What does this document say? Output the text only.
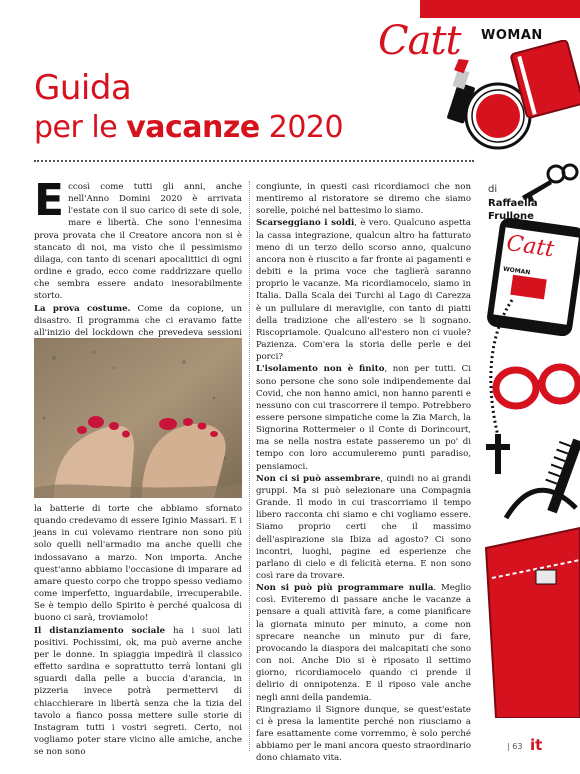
Catt WOMAN
Catt WOMAN
Guida
per le vacanze 2020
di
Raffaella Frullone

Eccosì come tutti gli anni, anche nell'Anno Domini 2020 è arrivata l'estate con il suo carico di sete di sole, mare e libertà. Che sono l'ennesima prova provata che il Creatore ancora non si è stancato di noi, ma visto che il pessimismo dilaga, con tanto di scenari apocalittici di ogni ordine e grado, ecco come raddrizzare quello che sembra essere andato inesorabilmente storto.

La prova costume. Come da copione, un disastro. Il programma che ci eravamo fatte all'inizio del lockdown che prevedeva sessioni

la batterie di torte che abbiamo sfornato quando credevamo di essere Iginio Massari. E i jeans in cui volevamo rientrare non sono più solo quelli nell'armadio ma anche quelli che indossavano a marzo. Non importa. Anche quest'anno abbiamo l'occasione di imparare ad amare questo corpo che troppo spesso vediamo come imperfetto, inguardabile, irrecuperabile. Se è tempio dello Spirito è perché qualcosa di buono ci sarà, troviamolo!

Il distanziamento sociale ha i suoi lati positivi. Pochissimi, ok, ma può averne anche per le donne. In spiaggia impedirà il classico effetto sardina e soprattutto terrà lontani gli sguardi dalla pelle a buccia d'arancia, in pizzeria invece potrà permettervi di chiacchierare in libertà senza che la tizia del tavolo a fianco possa mettere sulle storie di Instagram tutti i vostri segreti. Certo, noi vogliamo poter stare vicino alle amiche, anche se non sono

congiunte, in questi casi ricordiamoci che non mentiremo al ristoratore se diremo che siamo sorelle, poiché nel battesimo lo siamo.

Scarseggiano i soldi, è vero. Qualcuno aspetta la cassa integrazione, qualcun altro ha fatturato meno di un terzo dello scorso anno, qualcuno ancora non è riuscito a far fronte ai pagamenti e debiti e la prima voce che taglierà saranno proprio le vacanze. Ma ricordiamocelo, siamo in Italia. Dalla Scala dei Turchi al Lago di Carezza è un pullulare di meraviglie, con tanto di piatti della tradizione che all'estero se li sognano. Riscopriamole. Qualcuno all'estero non ci vuole? Pazienza. Com'era la storia delle perle e dei porci?

L'isolamento non è finito, non per tutti. Ci sono persone che sono sole indipendemente dal Covid, che non hanno amici, non hanno parenti e nessuno con cui trascorrere il tempo. Potrebbero essere persone simpatiche come la Zia March, la Signorina Rottermeier o il Conte di Dorincourt, ma se nella nostra estate passeremo un po' di tempo con loro accumuleremo punti paradiso, pensiamoci.

Non ci si può assembrare, quindi no ai grandi gruppi. Ma si può selezionare una Compagnia Grande. Il modo in cui trascorriamo il tempo libero racconta chi siamo e chi vogliamo essere. Siamo proprio certi che il massimo dell'aspirazione sia Ibiza ad agosto? Ci sono incontri, luoghi, pagine ed esperienze che parlano di cielo e di felicità eterna. E non sono così rare da trovare.

Non si può più programmare nulla. Meglio così. Eviteremo di passare anche le vacanze a pensare a quali attività fare, a come pianificare la giornata minuto per minuto, a come non sprecare neanche un minuto pur di fare, provocando la diaspora dei malcapitati che sono con noi. Anche Dio si è riposato il settimo giorno, ricordiamocelo quando ci prende il delirio di onnipotenza. E il riposo vale anche negli anni della pandemia.

Ringraziamo il Signore dunque, se quest'estate ci è presa la lamentite perché non riusciamo a fare esattamente come vorremmo, è solo perché abbiamo per le mani ancora questo straordinario dono chiamato vita.

| 63 it
